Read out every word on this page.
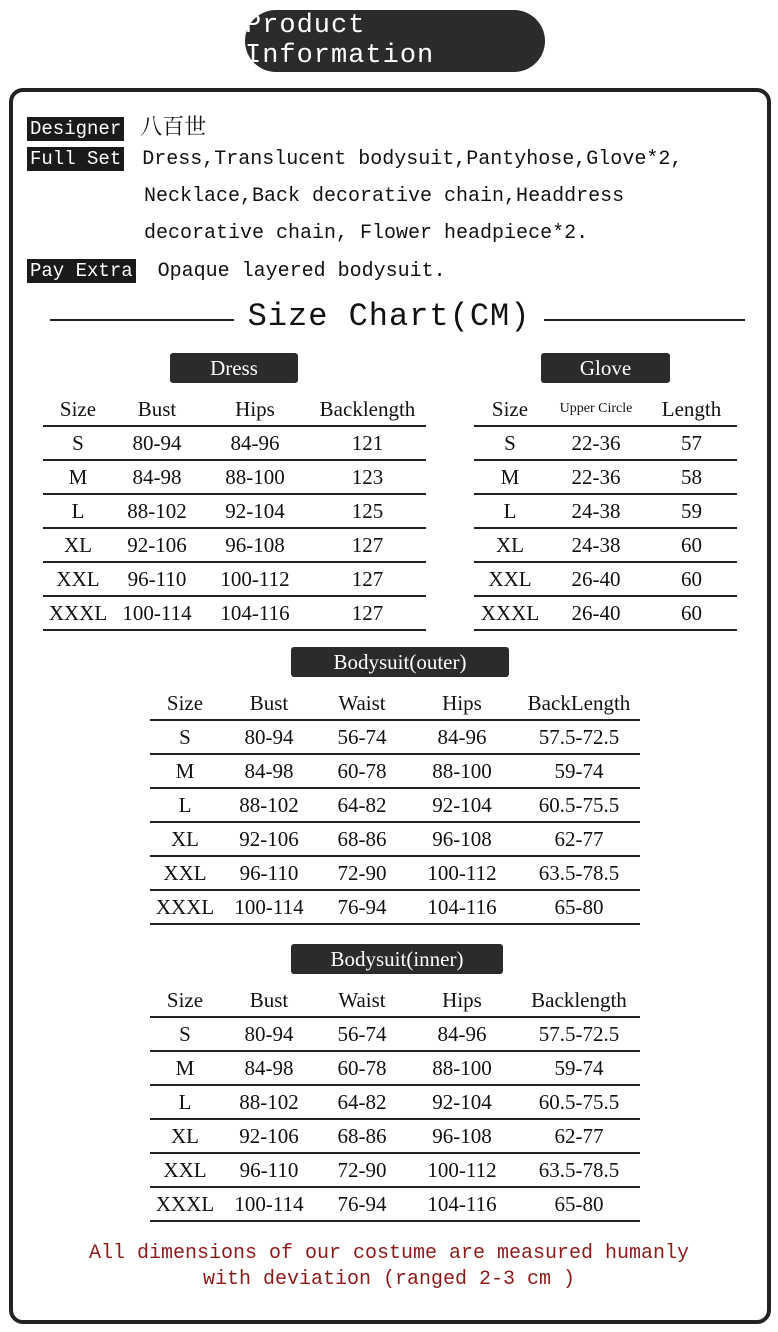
Product Information
Designer 八百世
Full Set Dress,Translucent bodysuit,Pantyhose,Glove*2,
Necklace,Back decorative chain,Headdress
decorative chain, Flower headpiece*2.
Pay Extra Opaque layered bodysuit.
Size Chart(CM)
Dress
Size	Bust	Hips	Backlength
S	80-94	84-96	121
M	84-98	88-100	123
L	88-102	92-104	125
XL	92-106	96-108	127
XXL	96-110	100-112	127
XXXL	100-114	104-116	127
Glove
Size	Upper Circle	Length
S	22-36	57
M	22-36	58
L	24-38	59
XL	24-38	60
XXL	26-40	60
XXXL	26-40	60
Bodysuit(outer)
Size	Bust	Waist	Hips	BackLength
S	80-94	56-74	84-96	57.5-72.5
M	84-98	60-78	88-100	59-74
L	88-102	64-82	92-104	60.5-75.5
XL	92-106	68-86	96-108	62-77
XXL	96-110	72-90	100-112	63.5-78.5
XXXL	100-114	76-94	104-116	65-80
Bodysuit(inner)
Size	Bust	Waist	Hips	Backlength
S	80-94	56-74	84-96	57.5-72.5
M	84-98	60-78	88-100	59-74
L	88-102	64-82	92-104	60.5-75.5
XL	92-106	68-86	96-108	62-77
XXL	96-110	72-90	100-112	63.5-78.5
XXXL	100-114	76-94	104-116	65-80
All dimensions of our costume are measured humanly
with deviation (ranged 2-3 cm )
